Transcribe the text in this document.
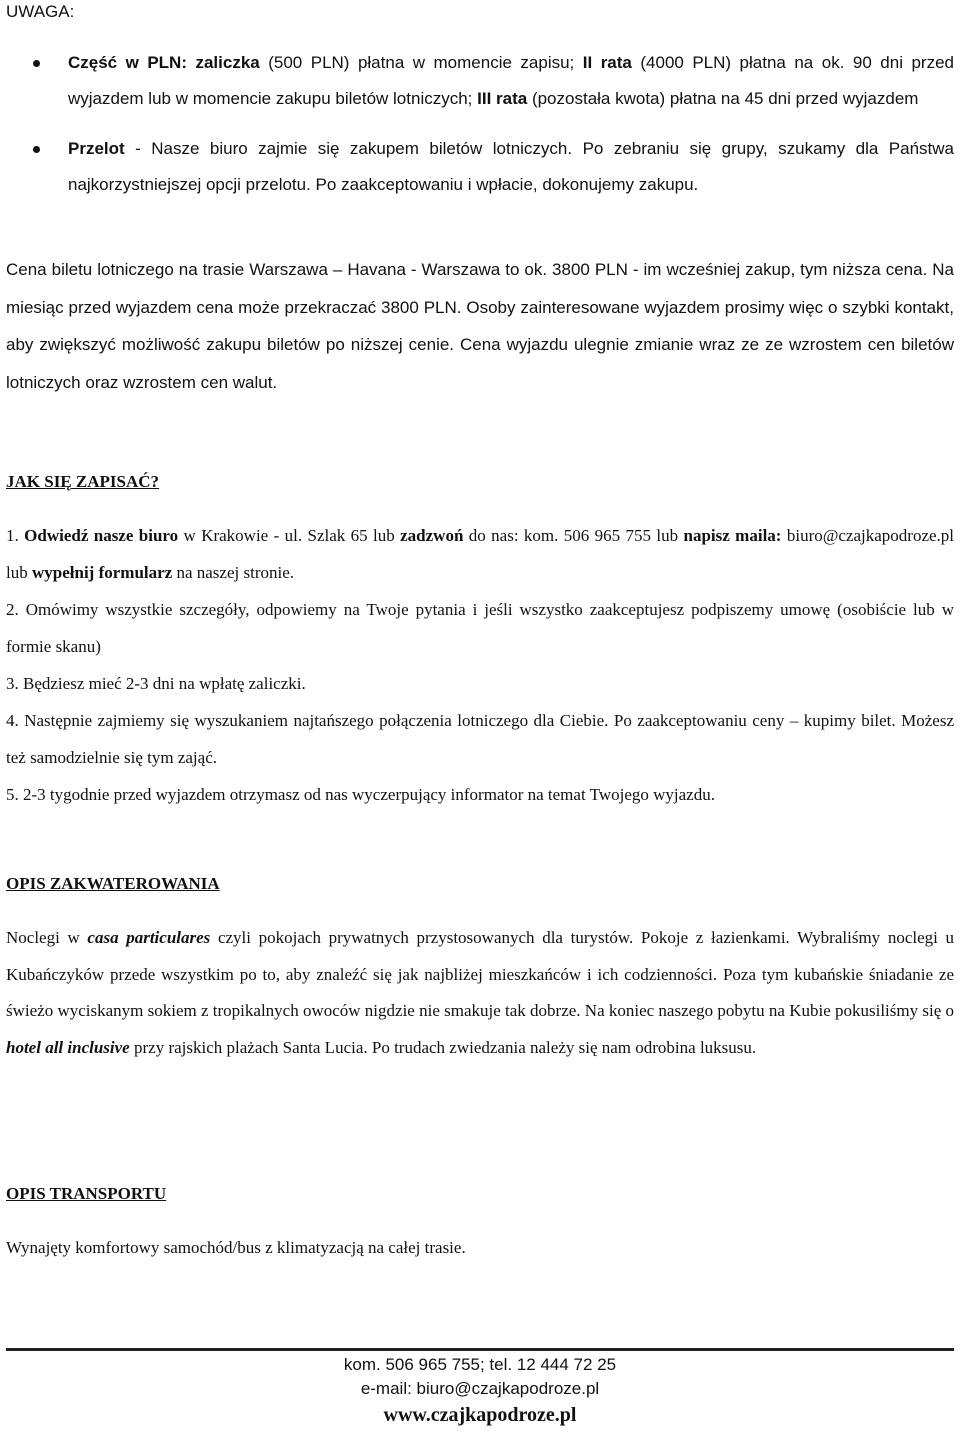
UWAGA:
Część w PLN: zaliczka (500 PLN) płatna w momencie zapisu; II rata (4000 PLN) płatna na ok. 90 dni przed wyjazdem lub w momencie zakupu biletów lotniczych; III rata (pozostała kwota) płatna na 45 dni przed wyjazdem
Przelot - Nasze biuro zajmie się zakupem biletów lotniczych. Po zebraniu się grupy, szukamy dla Państwa najkorzystniejszej opcji przelotu. Po zaakceptowaniu i wpłacie, dokonujemy zakupu.
Cena biletu lotniczego na trasie Warszawa – Havana - Warszawa to ok. 3800 PLN - im wcześniej zakup, tym niższa cena. Na miesiąc przed wyjazdem cena może przekraczać 3800 PLN. Osoby zainteresowane wyjazdem prosimy więc o szybki kontakt, aby zwiększyć możliwość zakupu biletów po niższej cenie. Cena wyjazdu ulegnie zmianie wraz ze ze wzrostem cen biletów lotniczych oraz wzrostem cen walut.
JAK SIĘ ZAPISAĆ?

1. Odwiedź nasze biuro w Krakowie - ul. Szlak 65 lub zadzwoń do nas: kom. 506 965 755 lub napisz maila: biuro@czajkapodroze.pl lub wypełnij formularz na naszej stronie.

2. Omówimy wszystkie szczegóły, odpowiemy na Twoje pytania i jeśli wszystko zaakceptujesz podpiszemy umowę (osobiście lub w formie skanu)

3. Będziesz mieć 2-3 dni na wpłatę zaliczki.

4. Następnie zajmiemy się wyszukaniem najtańszego połączenia lotniczego dla Ciebie. Po zaakceptowaniu ceny – kupimy bilet. Możesz też samodzielnie się tym zająć.

5. 2-3 tygodnie przed wyjazdem otrzymasz od nas wyczerpujący informator na temat Twojego wyjazdu.

OPIS ZAKWATEROWANIA
Noclegi w casa particulares czyli pokojach prywatnych przystosowanych dla turystów. Pokoje z łazienkami. Wybraliśmy noclegi u Kubańczyków przede wszystkim po to, aby znaleźć się jak najbliżej mieszkańców i ich codzienności. Poza tym kubańskie śniadanie ze świeżo wyciskanym sokiem z tropikalnych owoców nigdzie nie smakuje tak dobrze. Na koniec naszego pobytu na Kubie pokusiliśmy się o hotel all inclusive przy rajskich plażach Santa Lucia. Po trudach zwiedzania należy się nam odrobina luksusu.
OPIS TRANSPORTU
Wynajęty komfortowy samochód/bus z klimatyzacją na całej trasie.
kom. 506 965 755; tel. 12 444 72 25
e-mail: biuro@czajkapodroze.pl
www.czajkapodroze.pl
